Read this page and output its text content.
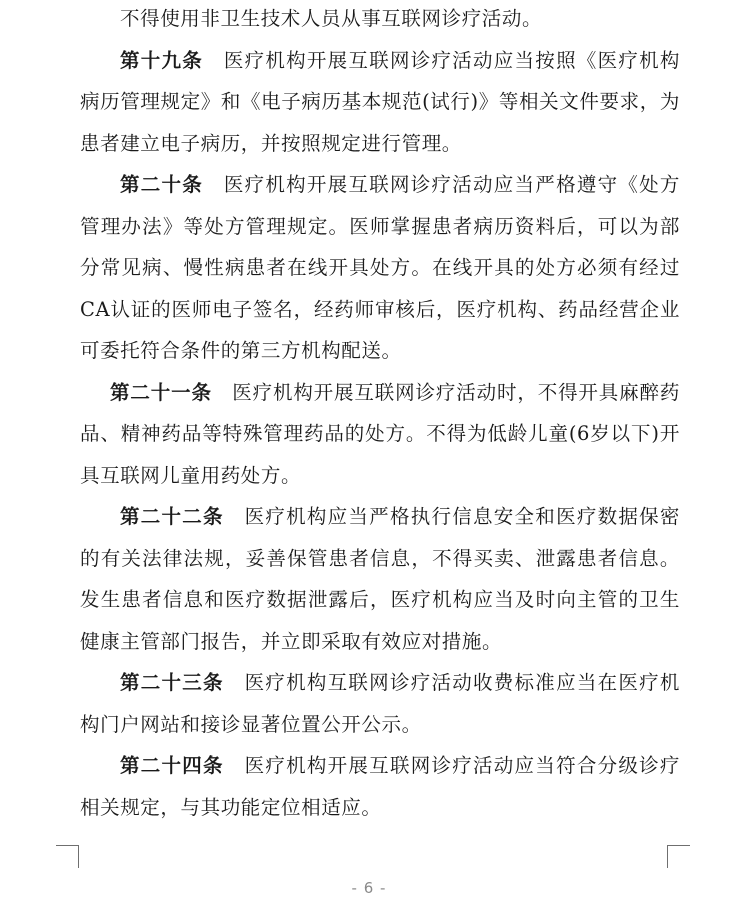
不得使用非卫生技术人员从事互联网诊疗活动。

第十九条  医疗机构开展互联网诊疗活动应当按照《医疗机构病历管理规定》和《电子病历基本规范(试行)》等相关文件要求，为患者建立电子病历，并按照规定进行管理。

第二十条  医疗机构开展互联网诊疗活动应当严格遵守《处方管理办法》等处方管理规定。医师掌握患者病历资料后，可以为部分常见病、慢性病患者在线开具处方。在线开具的处方必须有经过CA认证的医师电子签名，经药师审核后，医疗机构、药品经营企业可委托符合条件的第三方机构配送。

第二十一条  医疗机构开展互联网诊疗活动时，不得开具麻醉药品、精神药品等特殊管理药品的处方。不得为低龄儿童(6岁以下)开具互联网儿童用药处方。

第二十二条  医疗机构应当严格执行信息安全和医疗数据保密的有关法律法规，妥善保管患者信息，不得买卖、泄露患者信息。发生患者信息和医疗数据泄露后，医疗机构应当及时向主管的卫生健康主管部门报告，并立即采取有效应对措施。

第二十三条  医疗机构互联网诊疗活动收费标准应当在医疗机构门户网站和接诊显著位置公开公示。

第二十四条  医疗机构开展互联网诊疗活动应当符合分级诊疗相关规定，与其功能定位相适应。

- 6 -
